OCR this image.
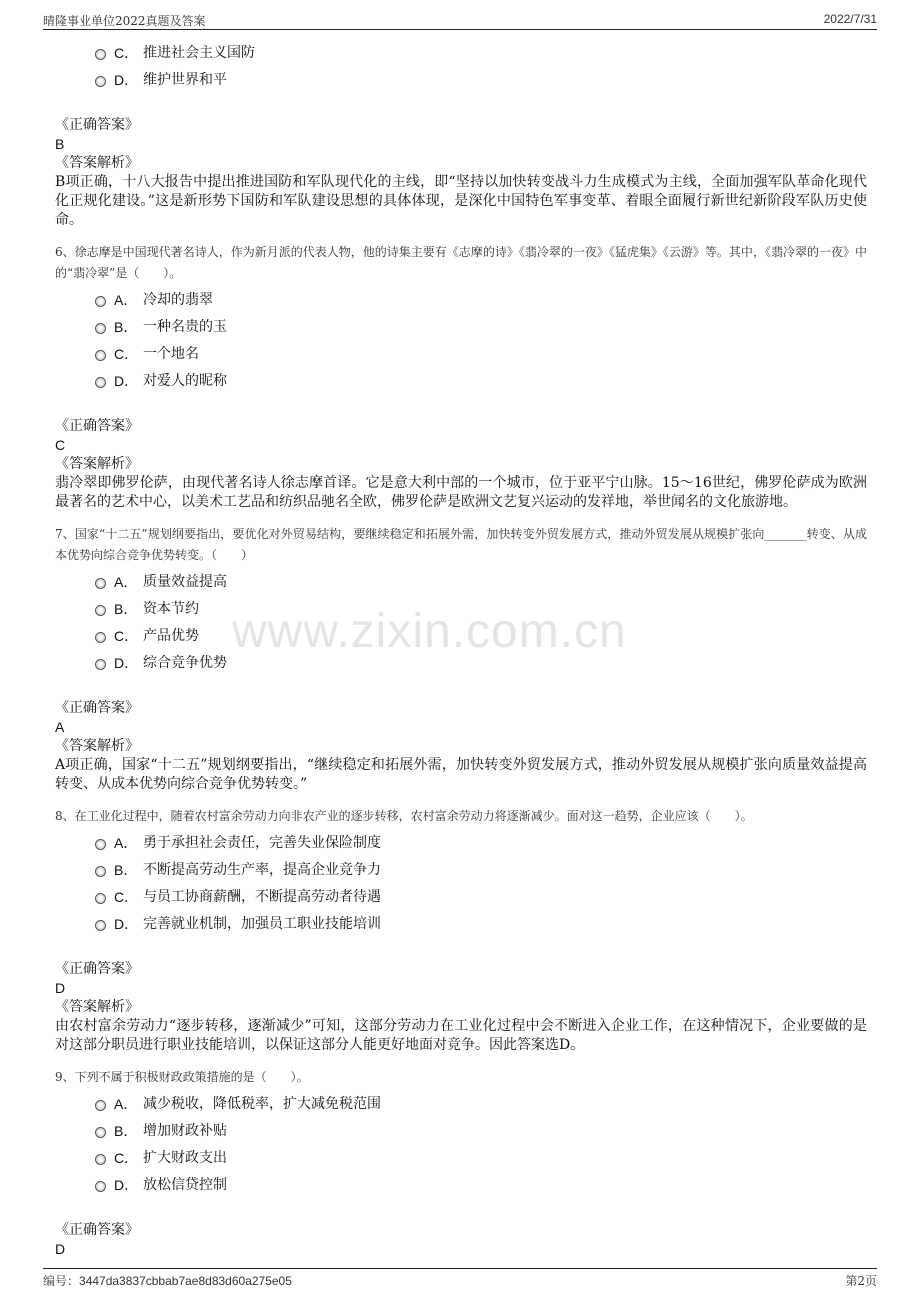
晴隆事业单位2022真题及答案	2022/7/31
www.zixin.com.cn
C． 推进社会主义国防
D． 维护世界和平
《正确答案》
B
《答案解析》
B项正确，十八大报告中提出推进国防和军队现代化的主线，即“坚持以加快转变战斗力生成模式为主线，全面加强军队革命化现代化正规化建设。”这是新形势下国防和军队建设思想的具体体现，是深化中国特色军事变革、着眼全面履行新世纪新阶段军队历史使命。
6、徐志摩是中国现代著名诗人，作为新月派的代表人物，他的诗集主要有《志摩的诗》《翡冷翠的一夜》《猛虎集》《云游》等。其中，《翡冷翠的一夜》中的“翡冷翠”是（　　）。
A． 冷却的翡翠
B． 一种名贵的玉
C． 一个地名
D． 对爱人的昵称
《正确答案》
C
《答案解析》
翡冷翠即佛罗伦萨，由现代著名诗人徐志摩首译。它是意大利中部的一个城市，位于亚平宁山脉。15～16世纪，佛罗伦萨成为欧洲最著名的艺术中心，以美术工艺品和纺织品驰名全欧，佛罗伦萨是欧洲文艺复兴运动的发祥地，举世闻名的文化旅游地。
7、国家“十二五”规划纲要指出，要优化对外贸易结构，要继续稳定和拓展外需，加快转变外贸发展方式，推动外贸发展从规模扩张向_______转变、从成本优势向综合竞争优势转变。（　　）
A． 质量效益提高
B． 资本节约
C． 产品优势
D． 综合竞争优势
《正确答案》
A
《答案解析》
A项正确，国家“十二五”规划纲要指出，“继续稳定和拓展外需，加快转变外贸发展方式，推动外贸发展从规模扩张向质量效益提高转变、从成本优势向综合竞争优势转变。”
8、在工业化过程中，随着农村富余劳动力向非农产业的逐步转移，农村富余劳动力将逐渐减少。面对这一趋势，企业应该（　　）。
A． 勇于承担社会责任，完善失业保险制度
B． 不断提高劳动生产率，提高企业竞争力
C． 与员工协商薪酬，不断提高劳动者待遇
D． 完善就业机制，加强员工职业技能培训
《正确答案》
D
《答案解析》
由农村富余劳动力“逐步转移，逐渐减少”可知，这部分劳动力在工业化过程中会不断进入企业工作，在这种情况下，企业要做的是对这部分职员进行职业技能培训，以保证这部分人能更好地面对竞争。因此答案选D。
9、下列不属于积极财政政策措施的是（　　）。
A． 减少税收，降低税率，扩大减免税范围
B． 增加财政补贴
C． 扩大财政支出
D． 放松信贷控制
《正确答案》
D
编号：3447da3837cbbab7ae8d83d60a275e05	第2页
